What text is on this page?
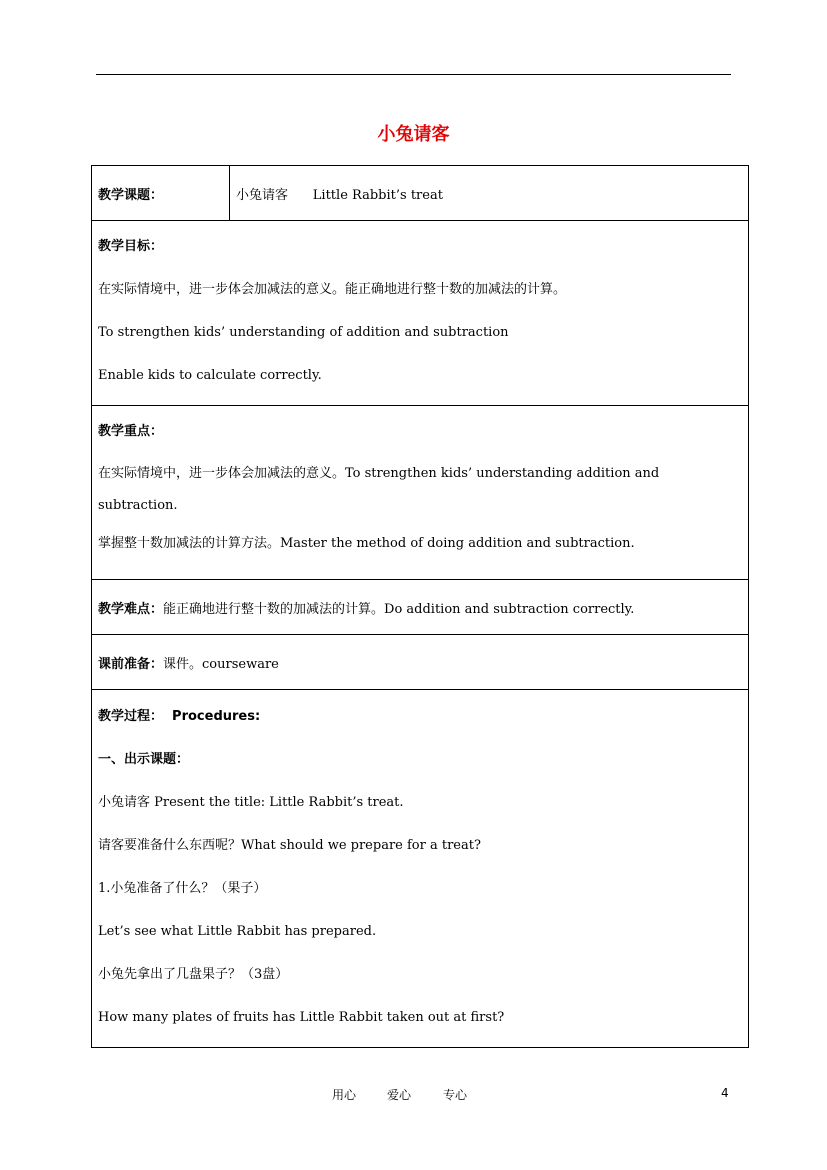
小兔请客
教学课题：	小兔请客      Little Rabbit’s treat

教学目标：
在实际情境中，进一步体会加减法的意义。能正确地进行整十数的加减法的计算。
To strengthen kids’ understanding of addition and subtraction
Enable kids to calculate correctly.

教学重点：
在实际情境中，进一步体会加减法的意义。To strengthen kids’ understanding addition and subtraction.
掌握整十数加减法的计算方法。Master the method of doing addition and subtraction.

教学难点：能正确地进行整十数的加减法的计算。Do addition and subtraction correctly.
课前准备：课件。courseware

教学过程：  Procedures:
一、出示课题：
小兔请客 Present the title: Little Rabbit’s treat.
请客要准备什么东西呢？What should we prepare for a treat?
1.小兔准备了什么？（果子）
Let’s see what Little Rabbit has prepared.
小兔先拿出了几盘果子？（3盘）
How many plates of fruits has Little Rabbit taken out at first?
用心	爱心	专心	4
